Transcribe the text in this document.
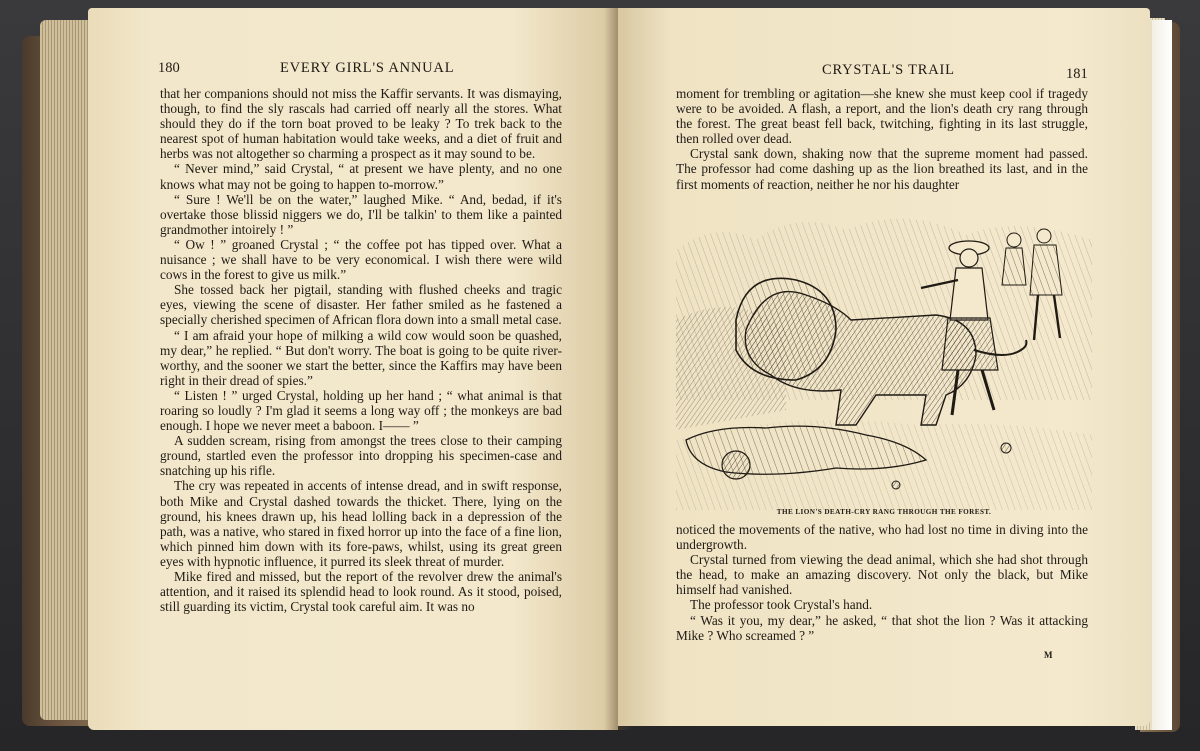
180	EVERY GIRL'S ANNUAL

that her companions should not miss the Kaffir servants. It was dismaying, though, to find the sly rascals had carried off nearly all the stores. What should they do if the torn boat proved to be leaky ? To trek back to the nearest spot of human habitation would take weeks, and a diet of fruit and herbs was not altogether so charming a prospect as it may sound to be.

“ Never mind,” said Crystal, “ at present we have plenty, and no one knows what may not be going to happen to-morrow.”

“ Sure ! We'll be on the water,” laughed Mike. “ And, bedad, if it's overtake those blissid niggers we do, I'll be talkin' to them like a painted grandmother intoirely ! ”

“ Ow ! ” groaned Crystal ; “ the coffee pot has tipped over. What a nuisance ; we shall have to be very economical. I wish there were wild cows in the forest to give us milk.”

She tossed back her pigtail, standing with flushed cheeks and tragic eyes, viewing the scene of disaster. Her father smiled as he fastened a specially cherished specimen of African flora down into a small metal case.

“ I am afraid your hope of milking a wild cow would soon be quashed, my dear,” he replied. “ But don't worry. The boat is going to be quite river-worthy, and the sooner we start the better, since the Kaffirs may have been right in their dread of spies.”

“ Listen ! ” urged Crystal, holding up her hand ; “ what animal is that roaring so loudly ? I'm glad it seems a long way off ; the monkeys are bad enough. I hope we never meet a baboon. I—— ”

A sudden scream, rising from amongst the trees close to their camping ground, startled even the professor into dropping his specimen-case and snatching up his rifle.

The cry was repeated in accents of intense dread, and in swift response, both Mike and Crystal dashed towards the thicket. There, lying on the ground, his knees drawn up, his head lolling back in a depression of the path, was a native, who stared in fixed horror up into the face of a fine lion, which pinned him down with its fore-paws, whilst, using its great green eyes with hypnotic influence, it purred its sleek threat of murder.

Mike fired and missed, but the report of the revolver drew the animal's attention, and it raised its splendid head to look round. As it stood, poised, still guarding its victim, Crystal took careful aim. It was no

CRYSTAL'S TRAIL	181

moment for trembling or agitation—she knew she must keep cool if tragedy were to be avoided. A flash, a report, and the lion's death cry rang through the forest. The great beast fell back, twitching, fighting in its last struggle, then rolled over dead.

Crystal sank down, shaking now that the supreme moment had passed. The professor had come dashing up as the lion breathed its last, and in the first moments of reaction, neither he nor his daughter

THE LION'S DEATH-CRY RANG THROUGH THE FOREST.

noticed the movements of the native, who had lost no time in diving into the undergrowth.

Crystal turned from viewing the dead animal, which she had shot through the head, to make an amazing discovery. Not only the black, but Mike himself had vanished.

The professor took Crystal's hand.

“ Was it you, my dear,” he asked, “ that shot the lion ? Was it attacking Mike ? Who screamed ? ”

M
